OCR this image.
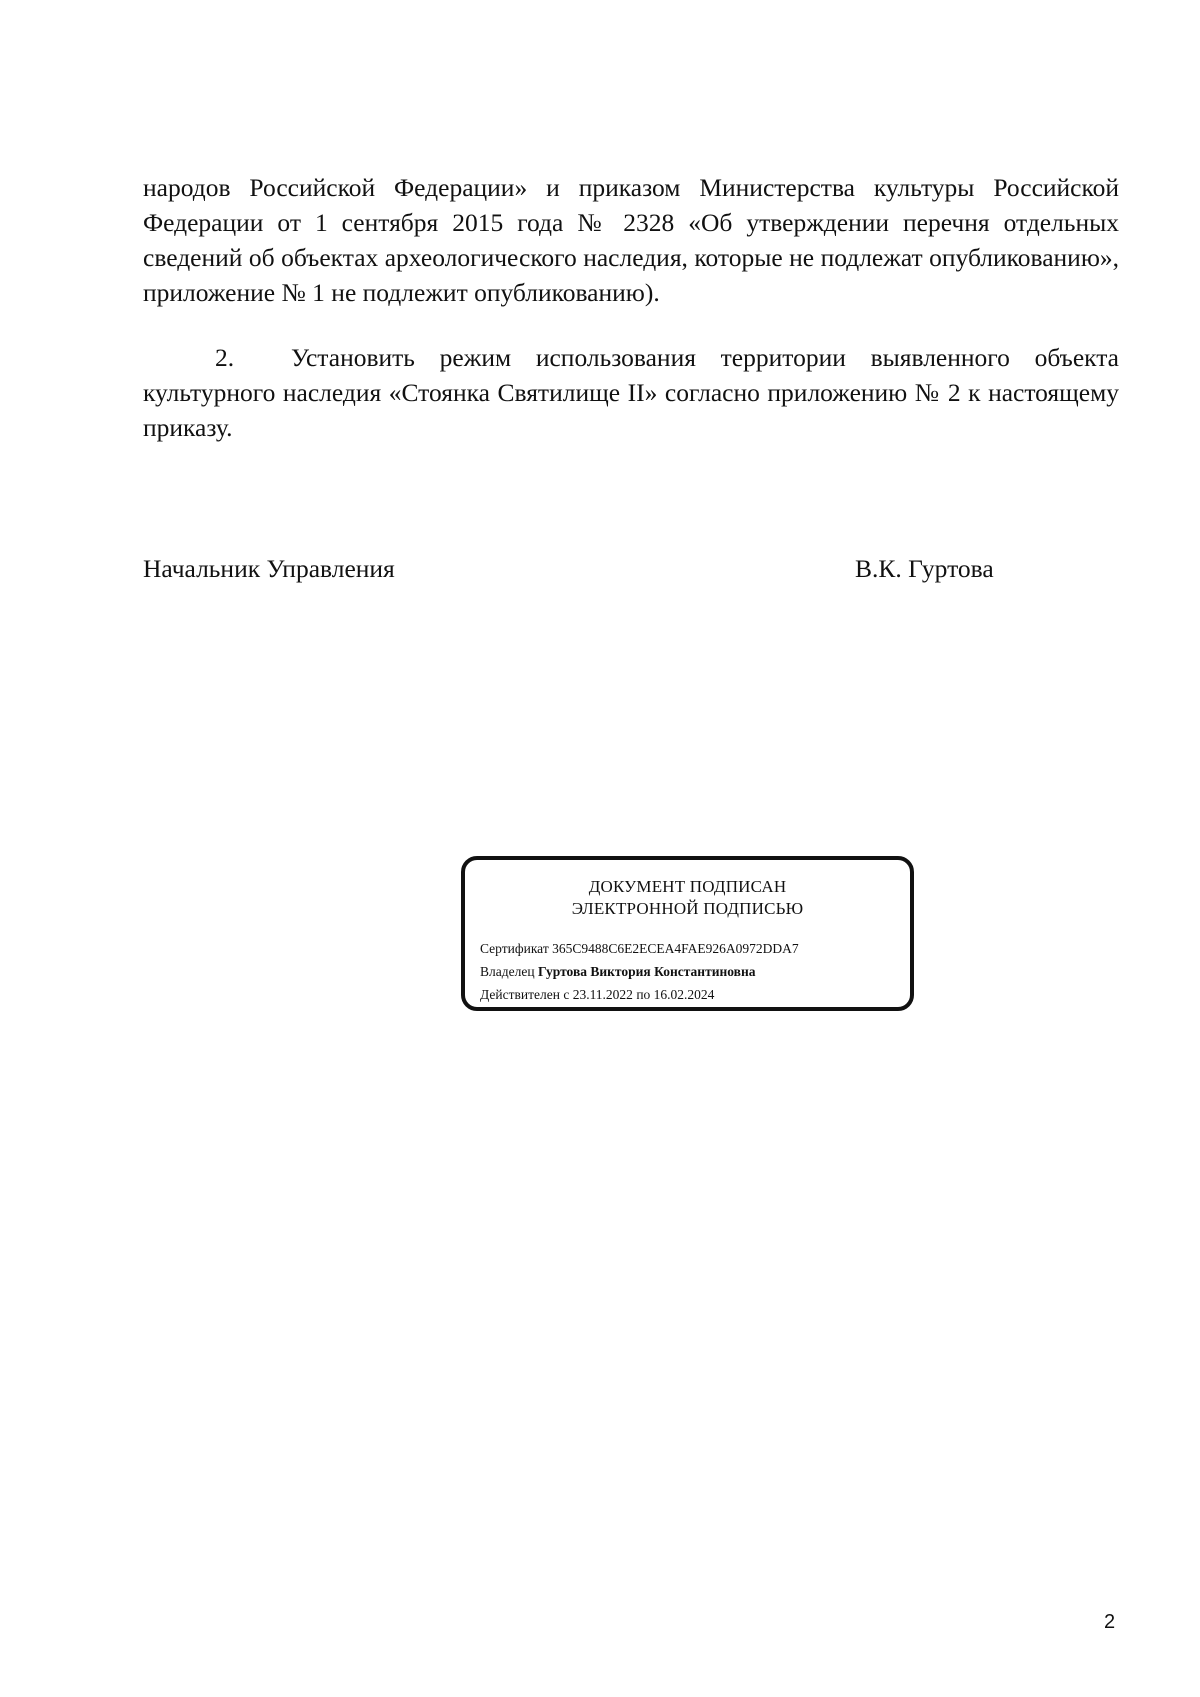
народов Российской Федерации» и приказом Министерства культуры Российской Федерации от 1 сентября 2015 года № 2328 «Об утверждении перечня отдельных сведений об объектах археологического наследия, которые не подлежат опубликованию», приложение № 1 не подлежит опубликованию).

2. Установить режим использования территории выявленного объекта культурного наследия «Стоянка Святилище II» согласно приложению № 2 к настоящему приказу.

Начальник Управления	В.К. Гуртова
ДОКУМЕНТ ПОДПИСАН
ЭЛЕКТРОННОЙ ПОДПИСЬЮ
Сертификат 365C9488C6E2ECEA4FAE926A0972DDA7
Владелец Гуртова Виктория Константиновна
Действителен с 23.11.2022 по 16.02.2024
2
